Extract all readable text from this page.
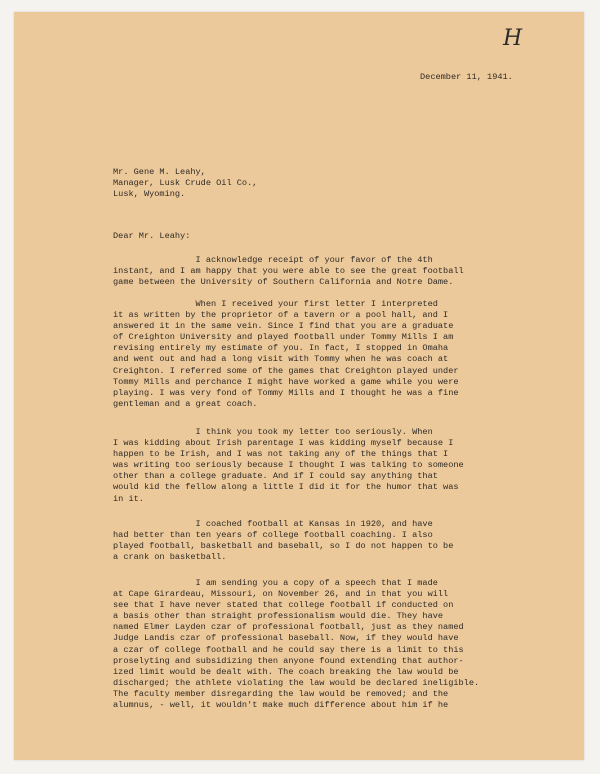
H
December 11, 1941.
Mr. Gene M. Leahy,
Manager, Lusk Crude Oil Co.,
Lusk, Wyoming.
Dear Mr. Leahy:
I acknowledge receipt of your favor of the 4th
instant, and I am happy that you were able to see the great football
game between the University of Southern California and Notre Dame.
When I received your first letter I interpreted
it as written by the proprietor of a tavern or a pool hall, and I
answered it in the same vein. Since I find that you are a graduate
of Creighton University and played football under Tommy Mills I am
revising entirely my estimate of you. In fact, I stopped in Omaha
and went out and had a long visit with Tommy when he was coach at
Creighton. I referred some of the games that Creighton played under
Tommy Mills and perchance I might have worked a game while you were
playing. I was very fond of Tommy Mills and I thought he was a fine
gentleman and a great coach.
I think you took my letter too seriously. When
I was kidding about Irish parentage I was kidding myself because I
happen to be Irish, and I was not taking any of the things that I
was writing too seriously because I thought I was talking to someone
other than a college graduate. And if I could say anything that
would kid the fellow along a little I did it for the humor that was
in it.
I coached football at Kansas in 1920, and have
had better than ten years of college football coaching. I also
played football, basketball and baseball, so I do not happen to be
a crank on basketball.
I am sending you a copy of a speech that I made
at Cape Girardeau, Missouri, on November 26, and in that you will
see that I have never stated that college football if conducted on
a basis other than straight professionalism would die. They have
named Elmer Layden czar of professional football, just as they named
Judge Landis czar of professional baseball. Now, if they would have
a czar of college football and he could say there is a limit to this
proselyting and subsidizing then anyone found extending that author-
ized limit would be dealt with. The coach breaking the law would be
discharged; the athlete violating the law would be declared ineligible.
The faculty member disregarding the law would be removed; and the
alumnus, - well, it wouldn't make much difference about him if he
